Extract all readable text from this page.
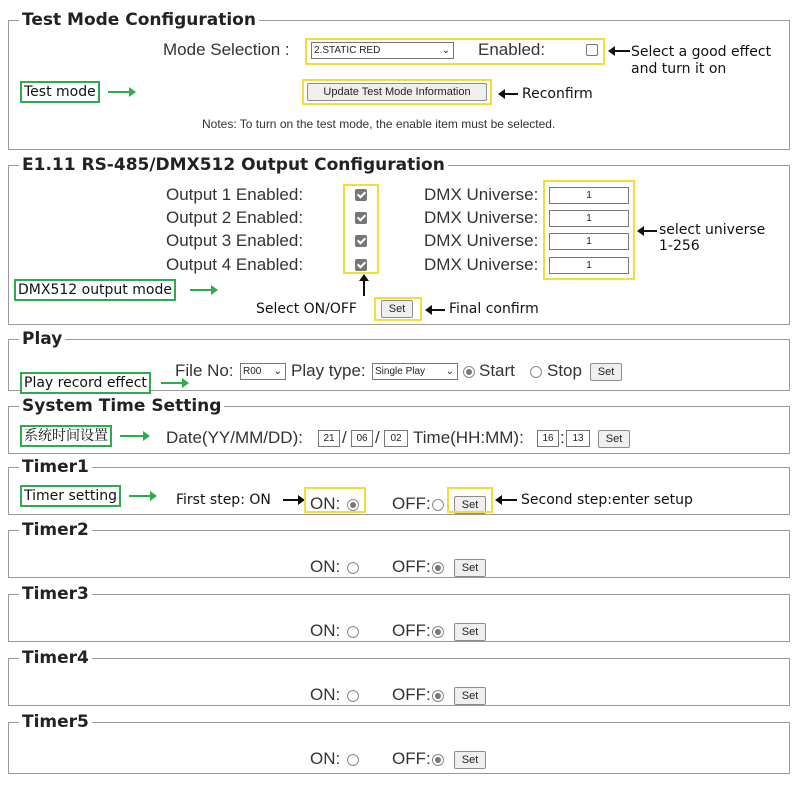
Test Mode Configuration
Mode Selection :	2.STATIC RED	⌄ Enabled:	Select a good effect
and turn it on
Test mode	Update Test Mode Information	Reconfirm
Notes: To turn on the test mode, the enable item must be selected.
E1.11 RS-485/DMX512 Output Configuration
Output 1 Enabled:	DMX Universe:	1
Output 2 Enabled:	DMX Universe:	1
Output 3 Enabled:	DMX Universe:	1
Output 4 Enabled:	DMX Universe:	1
select universe
1-256
DMX512 output mode
Select ON/OFF	Set	Final confirm
Play
File No: R00 ⌄ Play type: Single Play ⌄ Start Stop	Set
Play record effect
System Time Setting
系统时间设置	Date(YY/MM/DD):	21 / 06 /	02 Time(HH:MM):	16 : 13	Set
Timer1
ON:	OFF:	Set
Timer2
ON:	OFF:	Set
Timer3
ON:	OFF:	Set
Timer4
ON:	OFF:	Set
Timer5
ON:	OFF:	Set
Timer setting	First step: ON	Second step:enter setup
